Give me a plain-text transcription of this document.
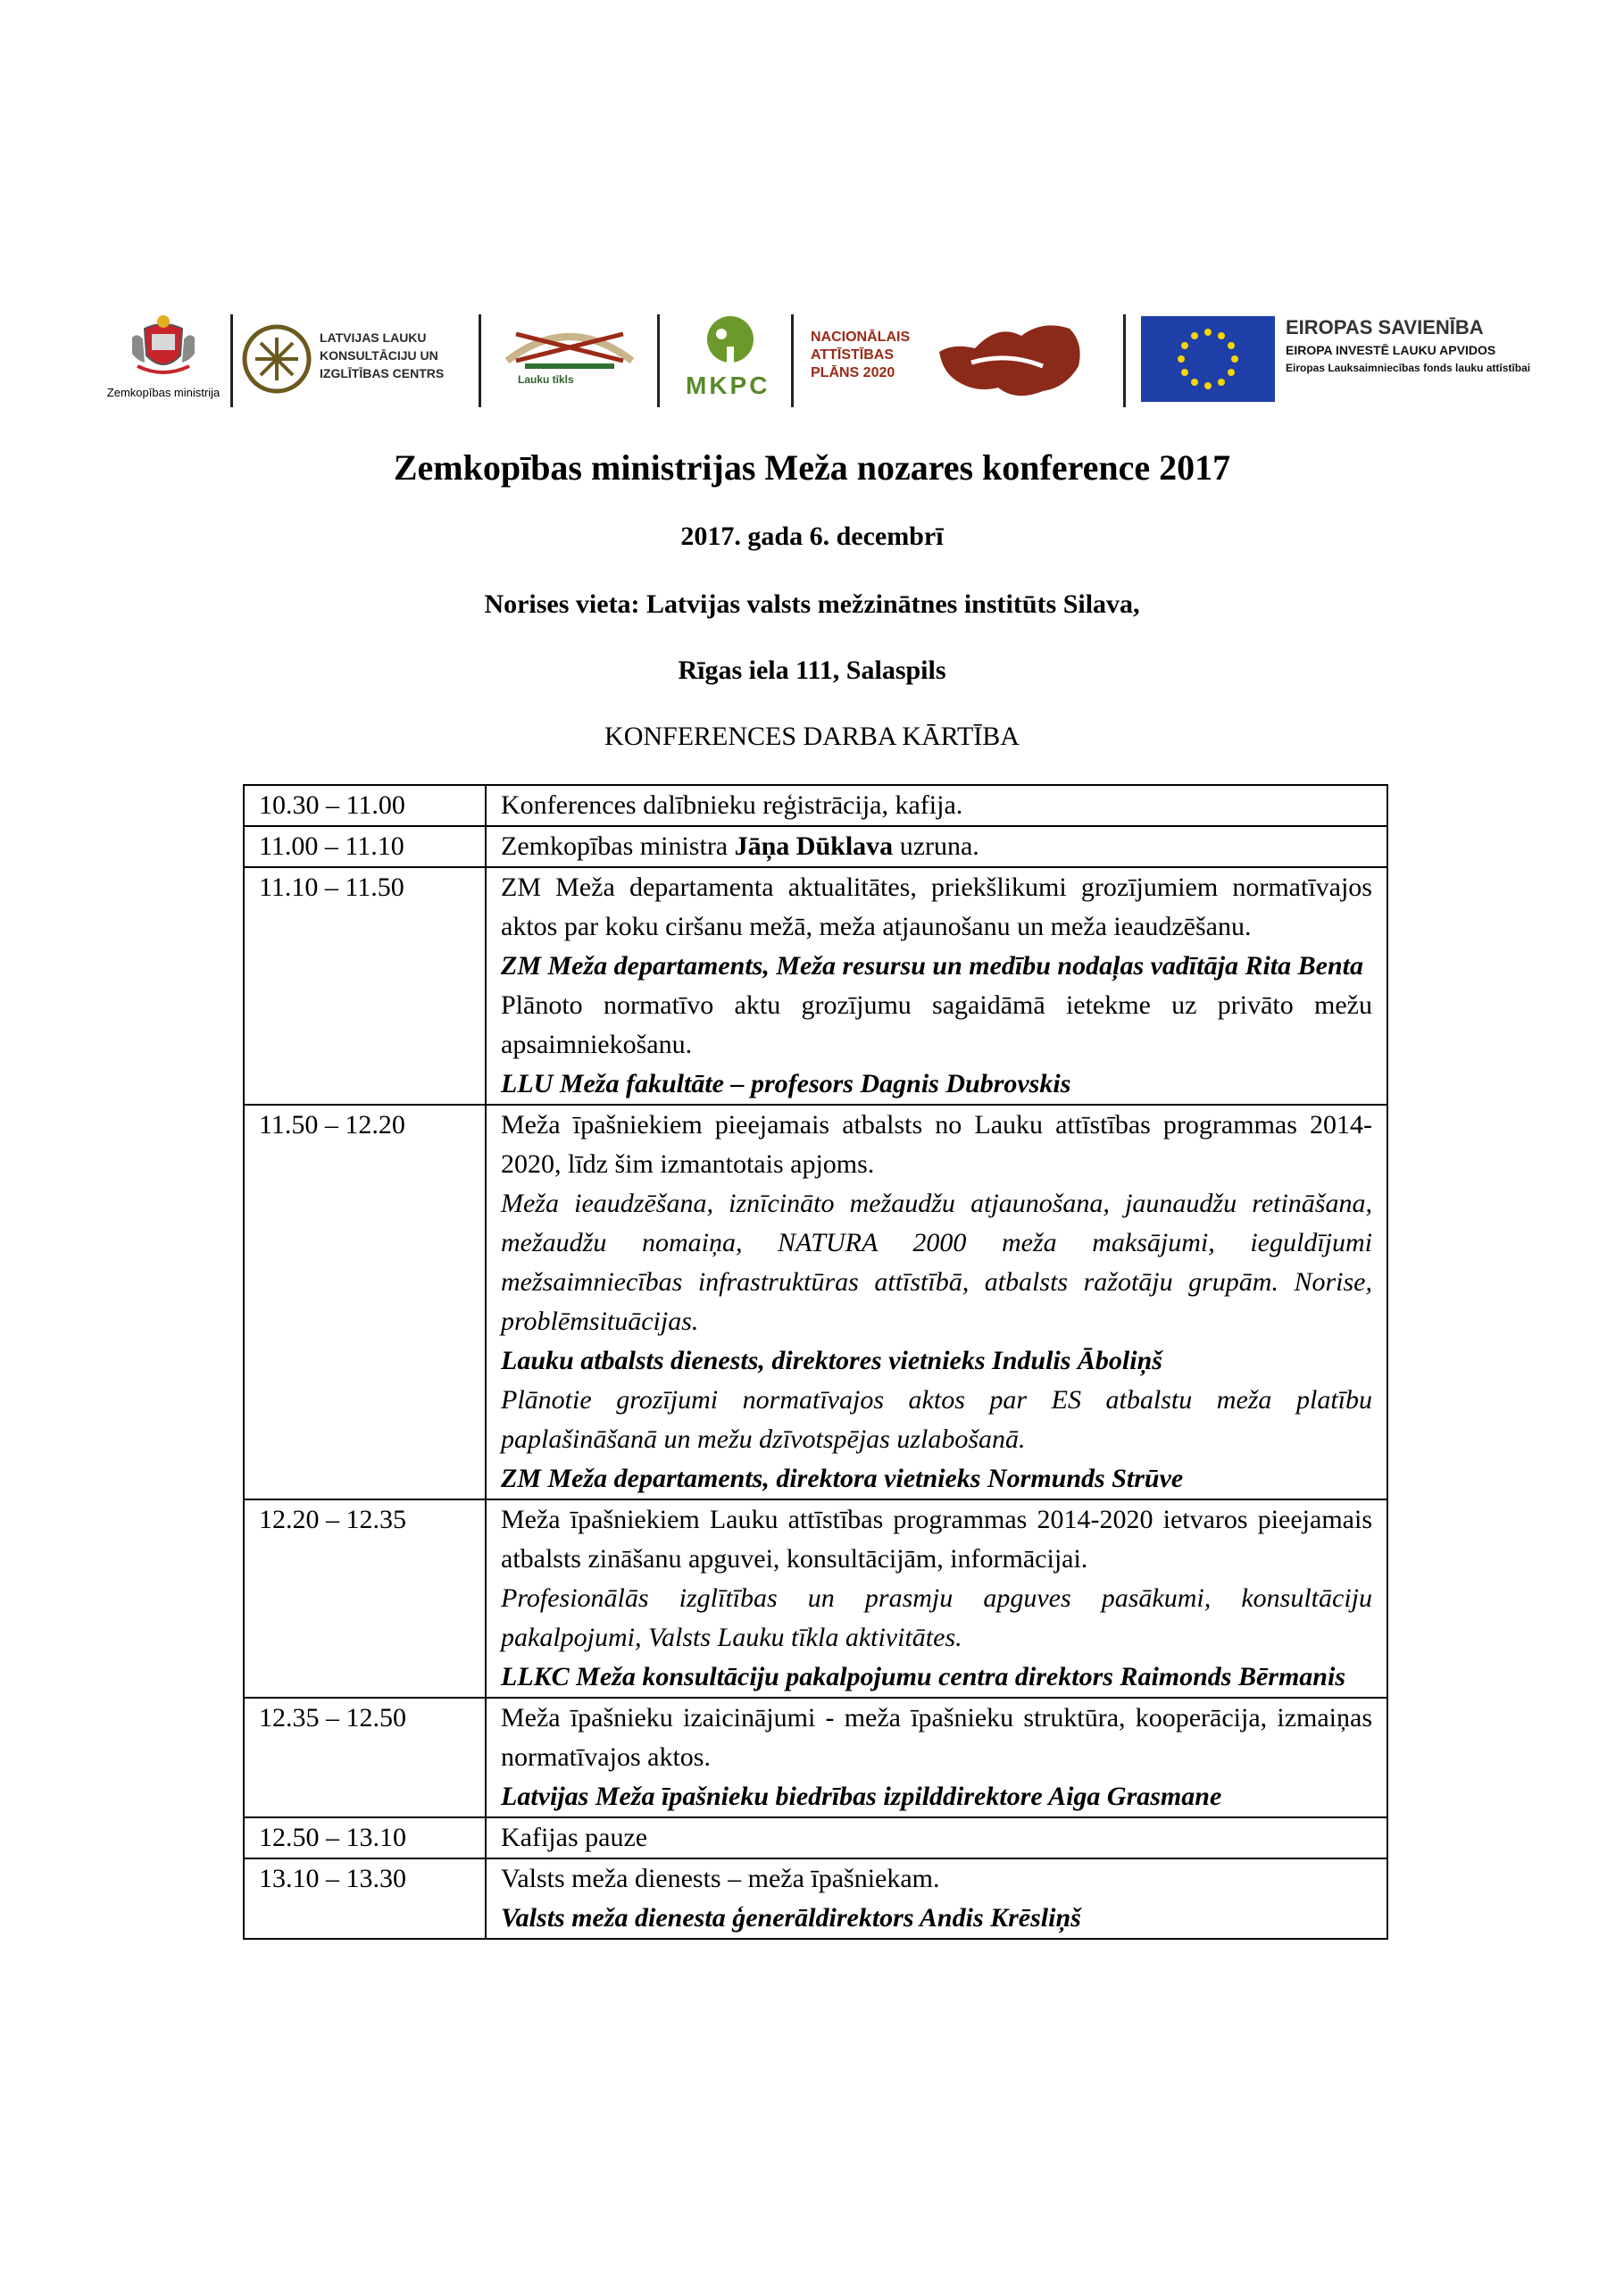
Zemkopības ministrija
LATVIJAS LAUKU
KONSULTĀCIJU UN
IZGLĪTĪBAS CENTRS	Lauku tīkls	MKPC
NACIONĀLAIS
ATTĪSTĪBAS
PLĀNS 2020
EIROPAS SAVIENĪBA
EIROPA INVESTĒ LAUKU APVIDOS
Eiropas Lauksaimniecības fonds lauku attīstībai
Zemkopības ministrijas Meža nozares konference 2017
2017. gada 6. decembrī
Norises vieta: Latvijas valsts mežzinātnes institūts Silava,
Rīgas iela 111, Salaspils
KONFERENCES DARBA KĀRTĪBA
10.30 – 11.00	Konferences dalībnieku reģistrācija, kafija.

11.00 – 11.10	Zemkopības ministra Jāņa Dūklava uzruna.
11.10 – 11.50	ZM Meža departamenta aktualitātes, priekšlikumi grozījumiem normatīvajos aktos par koku ciršanu mežā, meža atjaunošanu un meža ieaudzēšanu.
ZM Meža departaments, Meža resursu un medību nodaļas vadītāja Rita Benta
Plānoto normatīvo aktu grozījumu sagaidāmā ietekme uz privāto mežu apsaimniekošanu.
LLU Meža fakultāte – profesors Dagnis Dubrovskis

11.50 – 12.20	Meža īpašniekiem pieejamais atbalsts no Lauku attīstības programmas 2014-2020, līdz šim izmantotais apjoms.
Meža ieaudzēšana, iznīcināto mežaudžu atjaunošana, jaunaudžu retināšana, mežaudžu nomaiņa, NATURA 2000 meža maksājumi, ieguldījumi mežsaimniecības infrastruktūras attīstībā, atbalsts ražotāju grupām. Norise, problēmsituācijas.
Lauku atbalsts dienests, direktores vietnieks Indulis Āboliņš
Plānotie grozījumi normatīvajos aktos par ES atbalstu meža platību paplašināšanā un mežu dzīvotspējas uzlabošanā.
ZM Meža departaments, direktora vietnieks Normunds Strūve

12.20 – 12.35	Meža īpašniekiem Lauku attīstības programmas 2014-2020 ietvaros pieejamais atbalsts zināšanu apguvei, konsultācijām, informācijai.
Profesionālās izglītības un prasmju apguves pasākumi, konsultāciju pakalpojumi, Valsts Lauku tīkla aktivitātes.
LLKC Meža konsultāciju pakalpojumu centra direktors Raimonds Bērmanis

12.35 – 12.50	Meža īpašnieku izaicinājumi - meža īpašnieku struktūra, kooperācija, izmaiņas normatīvajos aktos.
Latvijas Meža īpašnieku biedrības izpilddirektore Aiga Grasmane

12.50 – 13.10	Kafijas pauze

13.10 – 13.30	Valsts meža dienests – meža īpašniekam.
Valsts meža dienesta ģenerāldirektors Andis Krēsliņš
